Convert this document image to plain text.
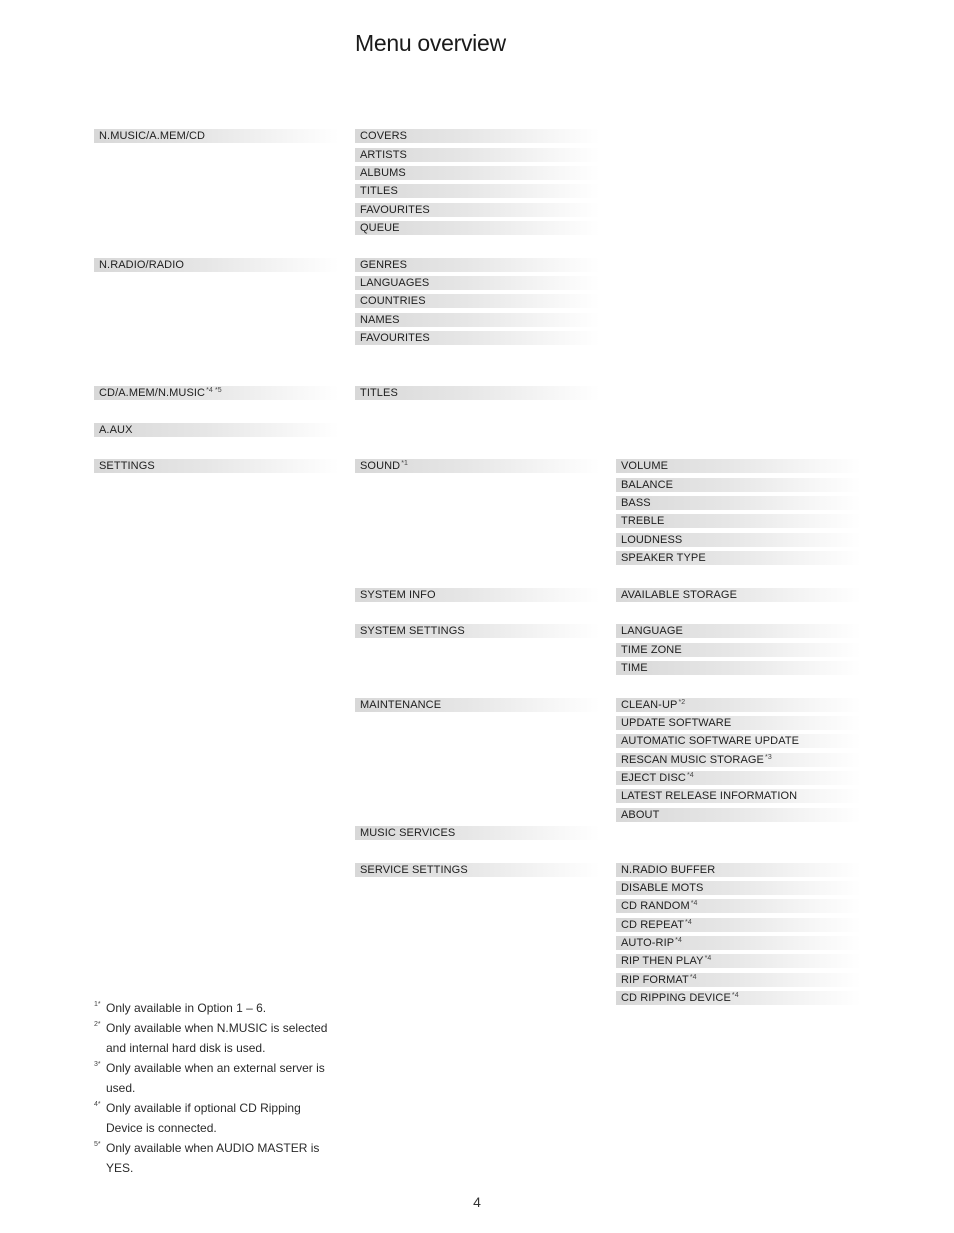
Menu overview
N.MUSIC/A.MEM/CD
N.RADIO/RADIO
$CD/A.MEM/N.MUSIC^{*4 *5}$
A.AUX
SETTINGS
COVERS
ARTISTS
ALBUMS
TITLES
FAVOURITES
QUEUE
GENRES
LANGUAGES
COUNTRIES
NAMES
FAVOURITES
TITLES
SOUND$^{*1}$
SYSTEM INFO
SYSTEM SETTINGS
MAINTENANCE
MUSIC SERVICES
SERVICE SETTINGS
VOLUME
BALANCE
BASS
TREBLE
LOUDNESS
SPEAKER TYPE
AVAILABLE STORAGE
LANGUAGE
TIME ZONE
TIME
CLEAN-UP$^{*2}$
UPDATE SOFTWARE
AUTOMATIC SOFTWARE UPDATE
RESCAN MUSIC STORAGE$^{*3}$
EJECT DISC$^{*4}$
LATEST RELEASE INFORMATION
ABOUT
N.RADIO BUFFER
DISABLE MOTS
CD RANDOM$^{*4}$
CD REPEAT$^{*4}$
AUTO-RIP$^{*4}$
RIP THEN PLAY$^{*4}$
RIP FORMAT$^{*4}$
CD RIPPING DEVICE$^{*4}$
1* Only available in Option 1 – 6.
2* Only available when N.MUSIC is selected and internal hard disk is used.
3* Only available when an external server is used.
4* Only available if optional CD Ripping Device is connected.
5* Only available when AUDIO MASTER is YES.
4
